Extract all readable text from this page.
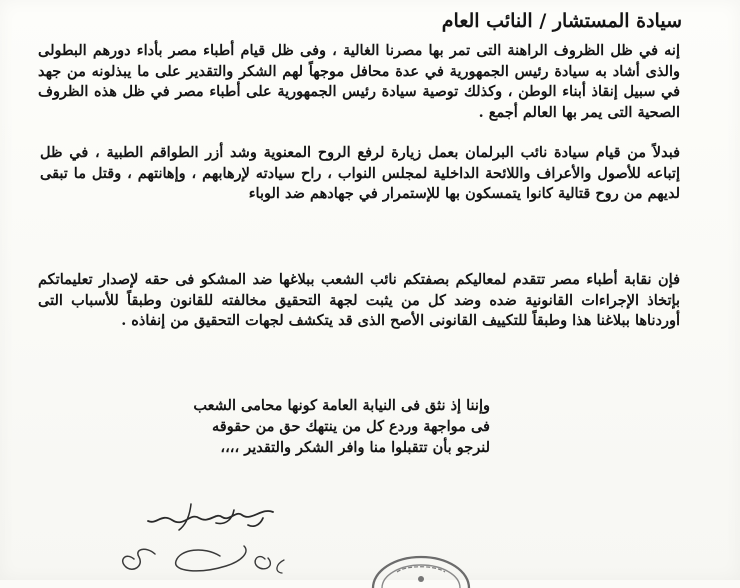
سيادة المستشار / النائب العام
إنه في ظل الظروف الراهنة التى تمر بها مصرنا الغالية ، وفى ظل قيام أطباء مصر بأداء دورهم البطولى والذى أشاد به سيادة رئيس الجمهورية في عدة محافل موجهاً لهم الشكر والتقدير على ما يبذلونه من جهد في سبيل إنقاذ أبناء الوطن ، وكذلك توصية سيادة رئيس الجمهورية على أطباء مصر في ظل هذه الظروف الصحية التى يمر بها العالم أجمع .
فبدلاً من قيام سيادة نائب البرلمان بعمل زيارة لرفع الروح المعنوية وشد أزر الطواقم الطبية ، في ظل إتباعه للأصول والأعراف واللائحة الداخلية لمجلس النواب ، راح سيادته لإرهابهم ، وإهانتهم ، وقتل ما تبقى لديهم من روح قتالية كانوا يتمسكون بها للإستمرار في جهادهم ضد الوباء
فإن نقابة أطباء مصر تتقدم لمعاليكم بصفتكم نائب الشعب ببلاغها ضد المشكو فى حقه لإصدار تعليماتكم بإتخاذ الإجراءات القانونية ضده وضد كل من يثبت لجهة التحقيق مخالفته للقانون وطبقاً للأسباب التى أوردناها ببلاغنا هذا وطبقاً للتكييف القانونى الأصح الذى قد يتكشف لجهات التحقيق من إنفاذه .
وإننا إذ نثق فى النيابة العامة كونها محامى الشعب
فى مواجهة وردع كل من ينتهك حق من حقوقه
لنرجو بأن تتقبلوا منا وافر الشكر والتقدير ،،،،
